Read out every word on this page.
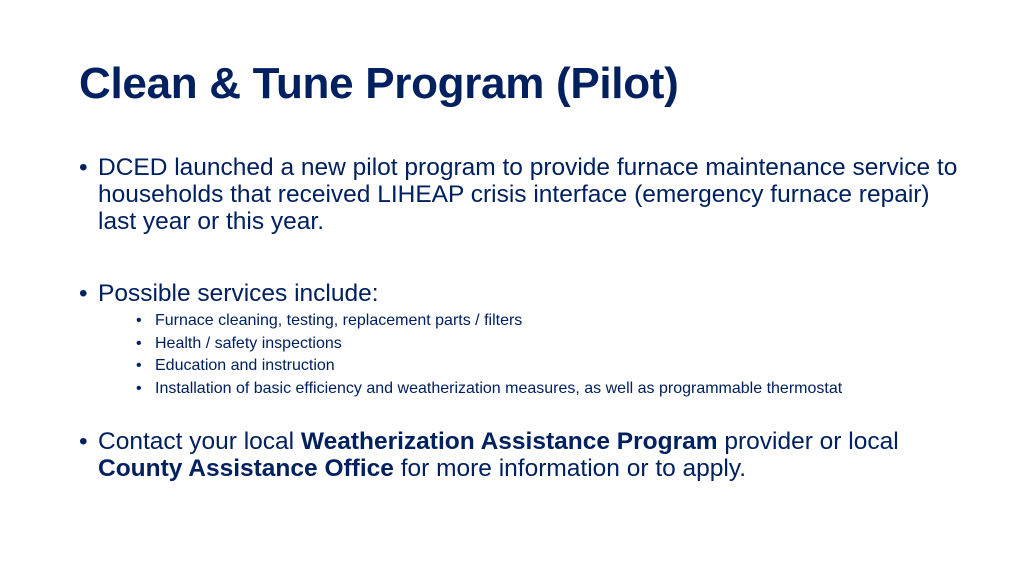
Clean & Tune Program (Pilot)
• DCED launched a new pilot program to provide furnace maintenance service to households that received LIHEAP crisis interface (emergency furnace repair) last year or this year.
• Possible services include:
• Furnace cleaning, testing, replacement parts / filters
• Health / safety inspections
• Education and instruction
• Installation of basic efficiency and weatherization measures, as well as programmable thermostat
• Contact your local Weatherization Assistance Program provider or local County Assistance Office for more information or to apply.
